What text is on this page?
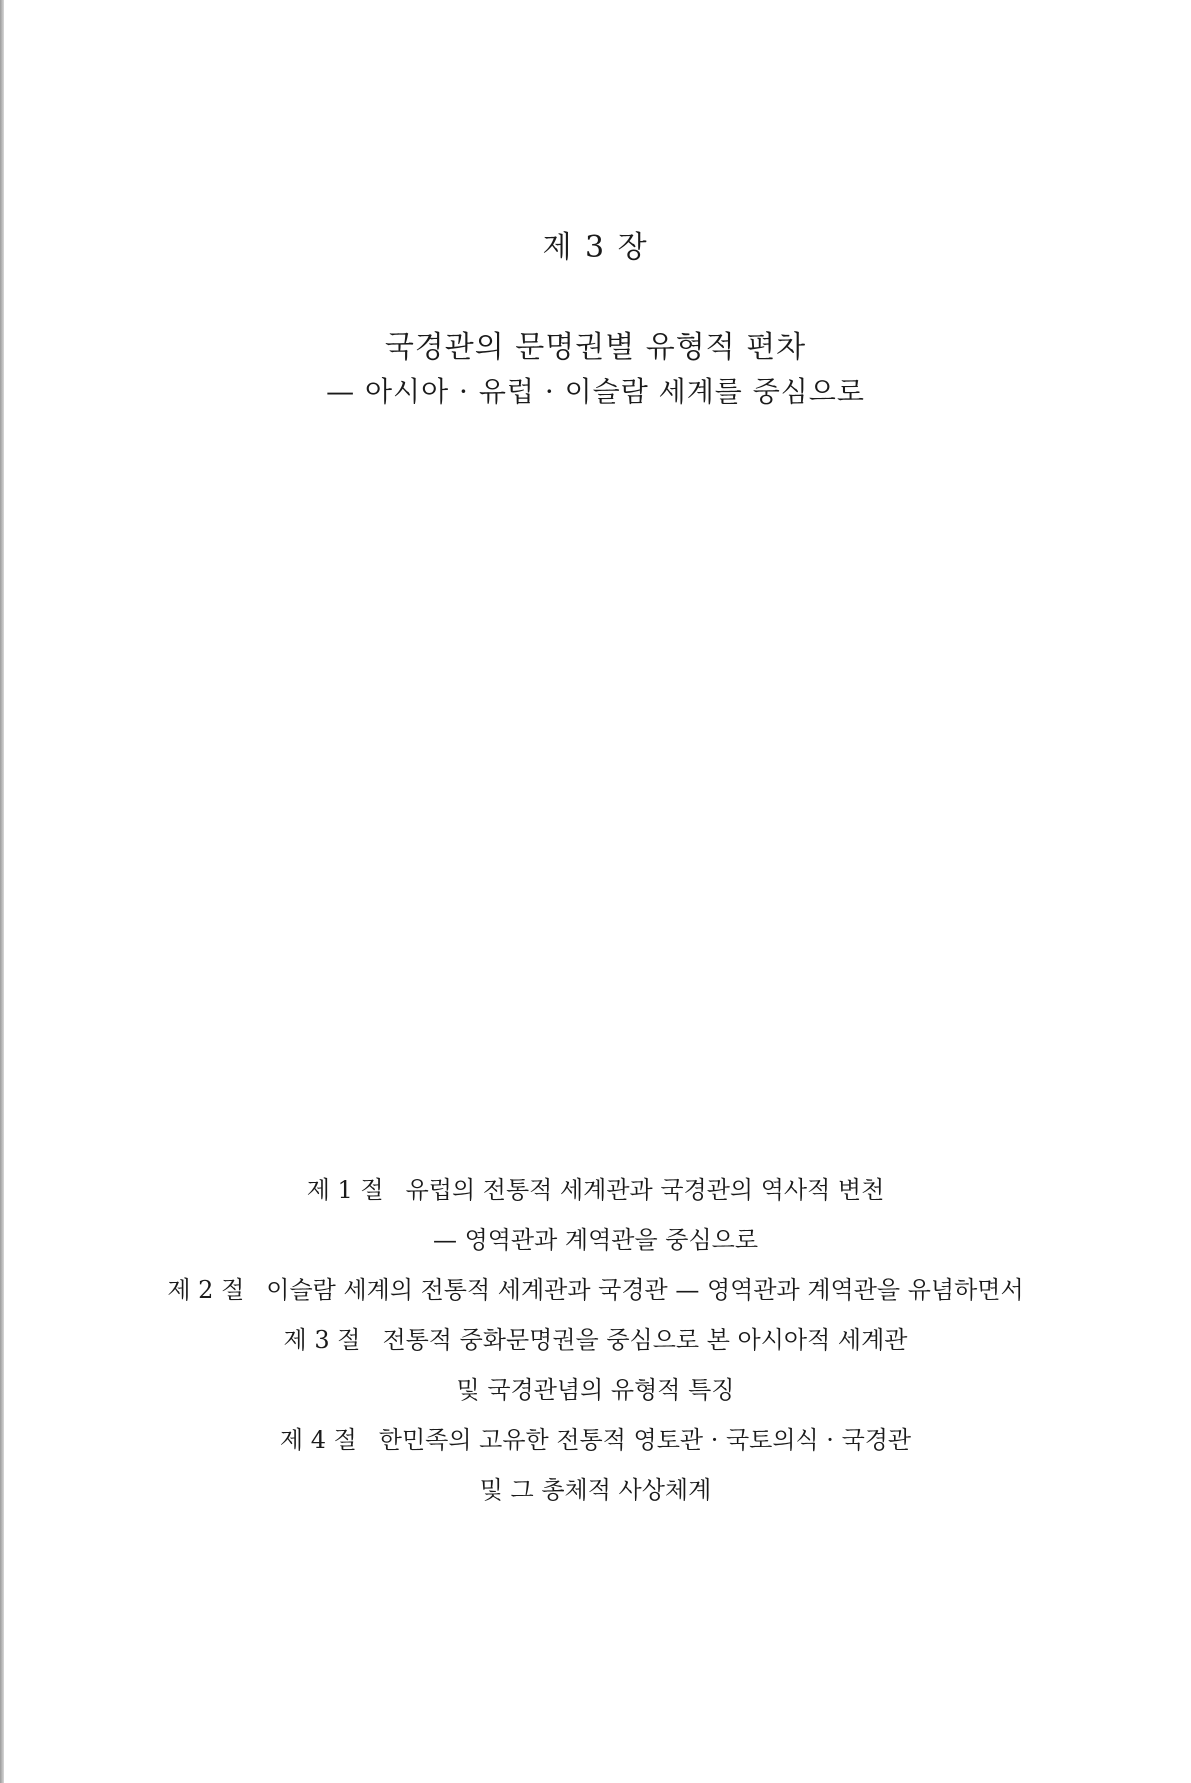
제 3 장
국경관의 문명권별 유형적 편차
— 아시아 · 유럽 · 이슬람 세계를 중심으로
제 1 절 유럽의 전통적 세계관과 국경관의 역사적 변천
— 영역관과 계역관을 중심으로
제 2 절 이슬람 세계의 전통적 세계관과 국경관 — 영역관과 계역관을 유념하면서
제 3 절 전통적 중화문명권을 중심으로 본 아시아적 세계관
및 국경관념의 유형적 특징
제 4 절 한민족의 고유한 전통적 영토관 · 국토의식 · 국경관
및 그 총체적 사상체계
